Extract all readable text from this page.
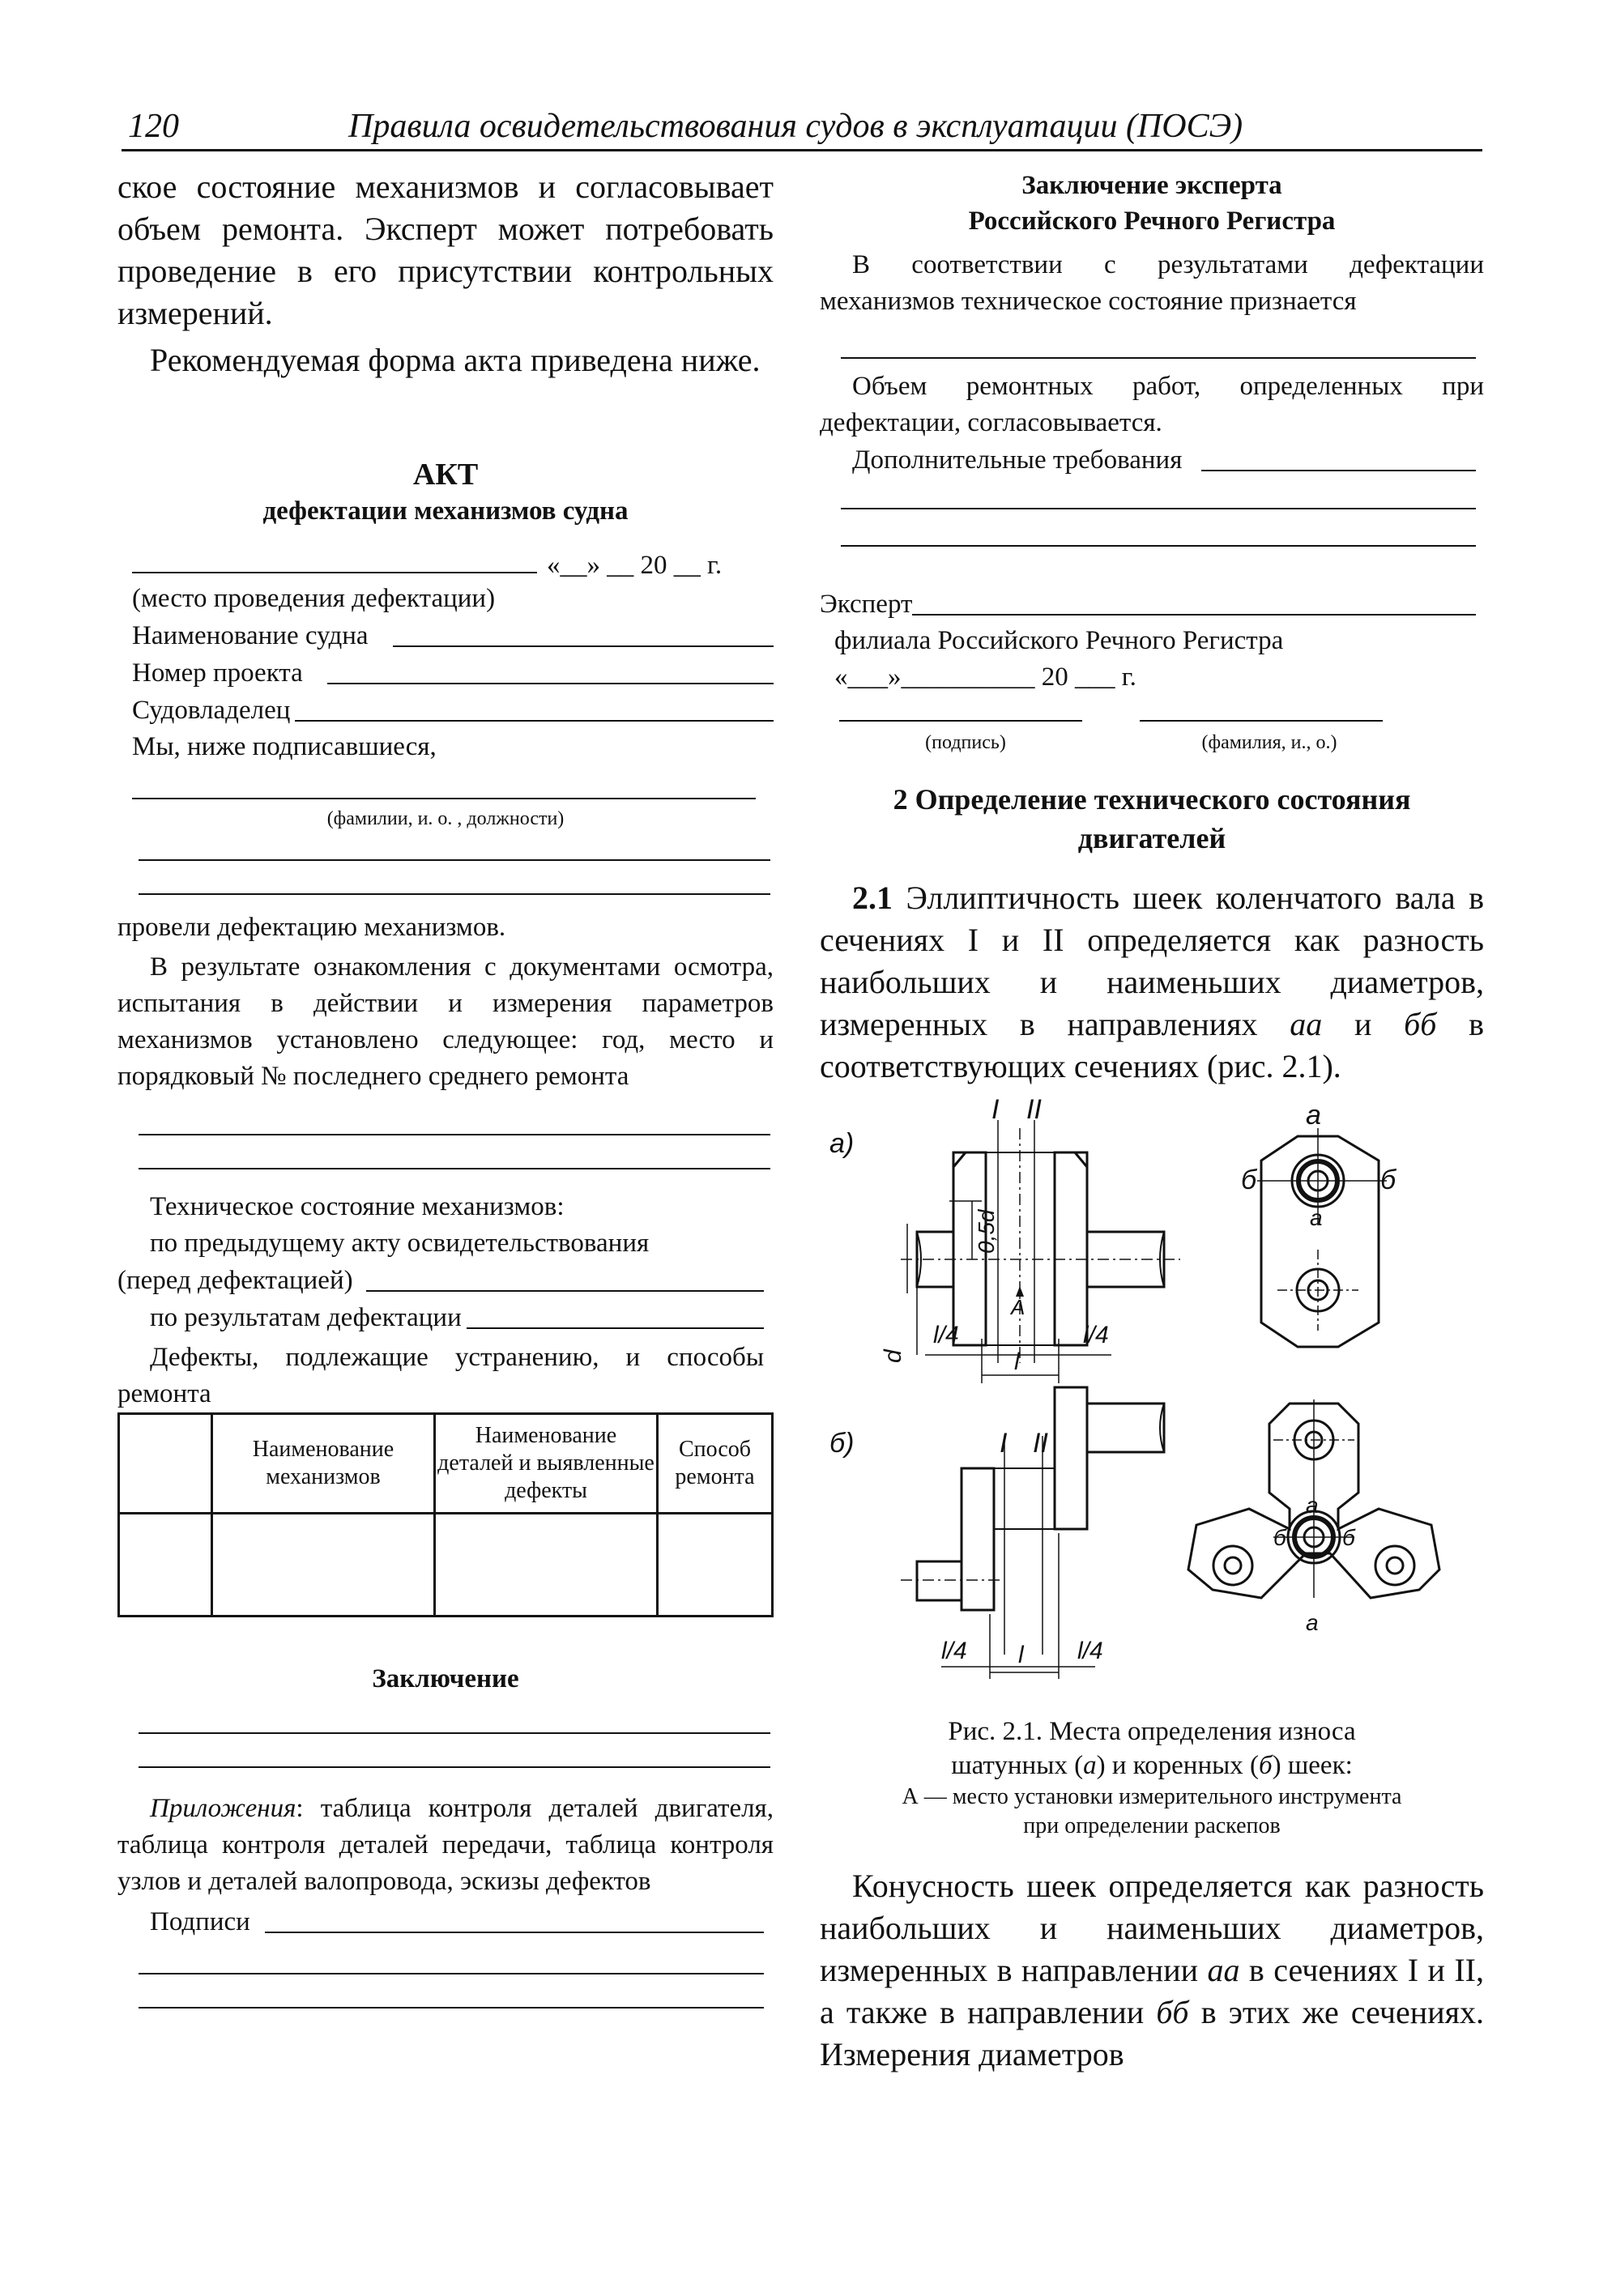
120	Правила освидетельствования судов в эксплуатации (ПОСЭ)

ское состояние механизмов и согласовывает объем ремонта. Эксперт может потребовать проведение в его присутствии контрольных измерений.

Рекомендуемая форма акта приведена ниже.

АКТ

дефектации механизмов судна

«__» __ 20 __ г.

(место проведения дефектации)

Наименование судна
Номер проекта
Судовладелец

Мы, ниже подписавшиеся,

(фамилии, и. о. , должности)

провели дефектацию механизмов.

В результате ознакомления с документами осмотра, испытания в действии и измерения параметров механизмов установлено следующее: год, место и порядковый № последнего среднего ремонта

Техническое состояние механизмов:

по предыдущему акту освидетельствования

(перед дефектацией)
по результатам дефектации

Дефекты, подлежащие устранению, и способы ремонта

	Наименование механизмов	Наименование деталей и выявленные дефекты	Способ ремонта

Заключение

Приложения: таблица контроля деталей двигателя, таблица контроля деталей передачи, таблица контроля узлов и деталей валопровода, эскизы дефектов

Подписи

Заключение эксперта

Российского Речного Регистра

В соответствии с результатами дефектации механизмов техническое состояние признается

Объем ремонтных работ, определенных при дефектации, согласовывается.

Дополнительные требования
Эксперт

филиала Российского Речного Регистра

«___»__________ 20 ___ г.

(подпись)	(фамилия, и., о.)

2 Определение технического состояния

двигателей

2.1 Эллиптичность шеек коленчатого вала в сечениях I и II определяется как разность наибольших и наименьших диаметров, измеренных в направлениях аа и бб в соответствующих сечениях (рис. 2.1).

а)
б)
I II
I II
а
а
б	б
а
а
б б
А
0,5d
d
l/4	l/4
l
l/4	l/4
l

Рис. 2.1. Места определения износа

шатунных (а) и коренных (б) шеек:

А — место установки измерительного инструмента

при определении раскепов

Конусность шеек определяется как разность наибольших и наименьших диаметров, измеренных в направлении аа в сечениях I и II, а также в направлении бб в этих же сечениях. Измерения диаметров
